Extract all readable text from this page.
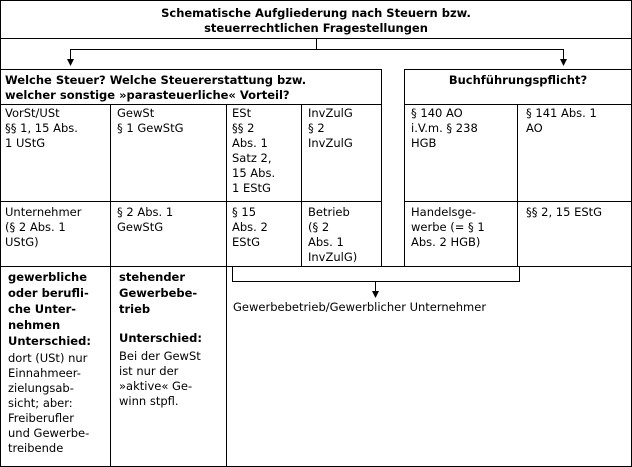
Schematische Aufgliederung nach Steuern bzw.
steuerrechtlichen Fragestellungen
Welche Steuer? Welche Steuererstattung bzw.
welcher sonstige »parasteuerliche« Vorteil?
Buchführungspflicht?
VorSt/USt
§§ 1, 15 Abs.
1 UStG
GewSt
§ 1 GewStG
ESt
§§ 2
Abs. 1
Satz 2,
15 Abs.
1 EStG
InvZulG
§ 2
InvZulG
§ 140 AO
i.V.m. § 238
HGB
§ 141 Abs. 1
AO
Unternehmer
(§ 2 Abs. 1
UStG)
§ 2 Abs. 1
GewStG
§ 15
Abs. 2
EStG
Betrieb
(§ 2
Abs. 1
InvZulG)
Handelsge-
werbe (= § 1
Abs. 2 HGB)
§§ 2, 15 EStG
gewerbliche
oder berufli-
che Unter-
nehmen
Unterschied:
dort (USt) nur
Einnahmeer-
zielungsab-
sicht; aber:
Freiberufler
und Gewerbe-
treibende
stehender
Gewerbebe-
trieb
Unterschied:
Bei der GewSt
ist nur der
»aktive« Ge-
winn stpfl.
Gewerbebetrieb/Gewerblicher Unternehmer
